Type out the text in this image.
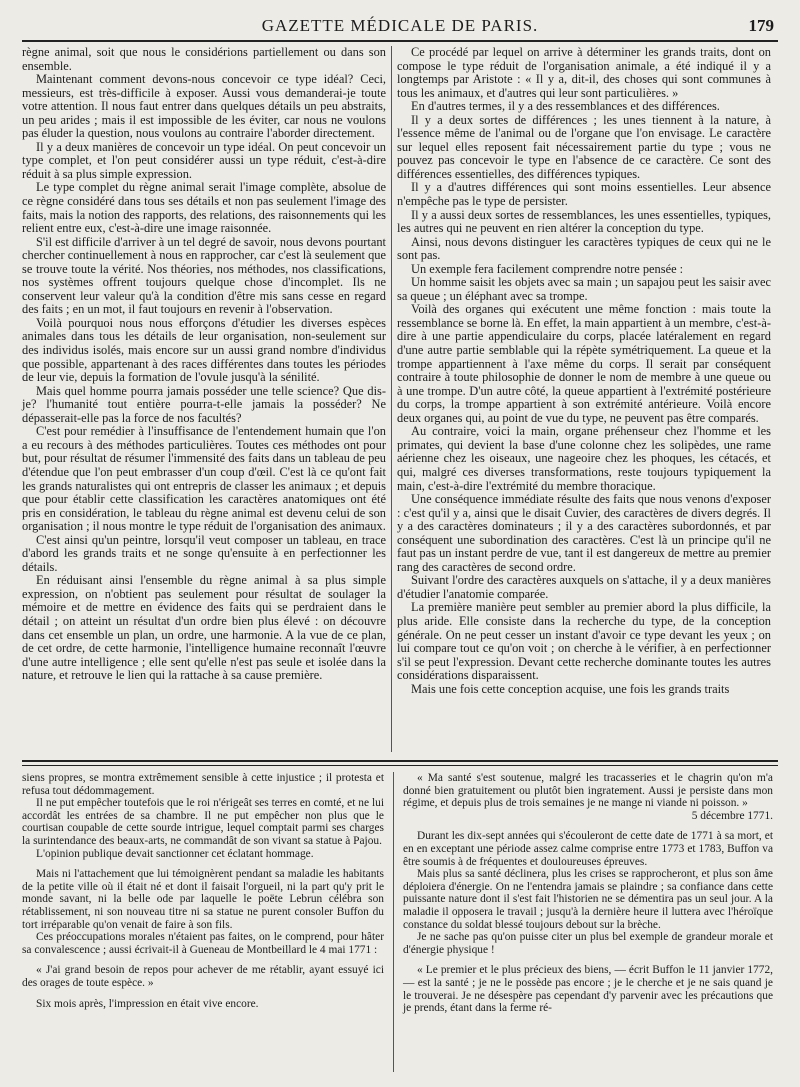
GAZETTE MÉDICALE DE PARIS.	179

règne animal, soit que nous le considérions partiellement ou dans son ensemble.

Maintenant comment devons-nous concevoir ce type idéal? Ceci, messieurs, est très-difficile à exposer. Aussi vous demanderai-je toute votre attention. Il nous faut entrer dans quelques détails un peu abstraits, un peu arides ; mais il est impossible de les éviter, car nous ne voulons pas éluder la question, nous voulons au contraire l'aborder directement.

Il y a deux manières de concevoir un type idéal. On peut concevoir un type complet, et l'on peut considérer aussi un type réduit, c'est-à-dire réduit à sa plus simple expression.

Le type complet du règne animal serait l'image complète, absolue de ce règne considéré dans tous ses détails et non pas seulement l'image des faits, mais la notion des rapports, des relations, des raisonnements qui les relient entre eux, c'est-à-dire une image raisonnée.

S'il est difficile d'arriver à un tel degré de savoir, nous devons pourtant chercher continuellement à nous en rapprocher, car c'est là seulement que se trouve toute la vérité. Nos théories, nos méthodes, nos classifications, nos systèmes offrent toujours quelque chose d'incomplet. Ils ne conservent leur valeur qu'à la condition d'être mis sans cesse en regard des faits ; en un mot, il faut toujours en revenir à l'observation.

Voilà pourquoi nous nous efforçons d'étudier les diverses espèces animales dans tous les détails de leur organisation, non-seulement sur des individus isolés, mais encore sur un aussi grand nombre d'individus que possible, appartenant à des races différentes dans toutes les périodes de leur vie, depuis la formation de l'ovule jusqu'à la sénilité.

Mais quel homme pourra jamais posséder une telle science? Que dis-je? l'humanité tout entière pourra-t-elle jamais la posséder? Ne dépasserait-elle pas la force de nos facultés?

C'est pour remédier à l'insuffisance de l'entendement humain que l'on a eu recours à des méthodes particulières. Toutes ces méthodes ont pour but, pour résultat de résumer l'immensité des faits dans un tableau de peu d'étendue que l'on peut embrasser d'un coup d'œil. C'est là ce qu'ont fait les grands naturalistes qui ont entrepris de classer les animaux ; et depuis que pour établir cette classification les caractères anatomiques ont été pris en considération, le tableau du règne animal est devenu celui de son organisation ; il nous montre le type réduit de l'organisation des animaux.

C'est ainsi qu'un peintre, lorsqu'il veut composer un tableau, en trace d'abord les grands traits et ne songe qu'ensuite à en perfectionner les détails.

En réduisant ainsi l'ensemble du règne animal à sa plus simple expression, on n'obtient pas seulement pour résultat de soulager la mémoire et de mettre en évidence des faits qui se perdraient dans le détail ; on atteint un résultat d'un ordre bien plus élevé : on découvre dans cet ensemble un plan, un ordre, une harmonie. A la vue de ce plan, de cet ordre, de cette harmonie, l'intelligence humaine reconnaît l'œuvre d'une autre intelligence ; elle sent qu'elle n'est pas seule et isolée dans la nature, et retrouve le lien qui la rattache à sa cause première.

Ce procédé par lequel on arrive à déterminer les grands traits, dont on compose le type réduit de l'organisation animale, a été indiqué il y a longtemps par Aristote : « Il y a, dit-il, des choses qui sont communes à tous les animaux, et d'autres qui leur sont particulières. »

En d'autres termes, il y a des ressemblances et des différences.

Il y a deux sortes de différences ; les unes tiennent à la nature, à l'essence même de l'animal ou de l'organe que l'on envisage. Le caractère sur lequel elles reposent fait nécessairement partie du type ; vous ne pouvez pas concevoir le type en l'absence de ce caractère. Ce sont des différences essentielles, des différences typiques.

Il y a d'autres différences qui sont moins essentielles. Leur absence n'empêche pas le type de persister.

Il y a aussi deux sortes de ressemblances, les unes essentielles, typiques, les autres qui ne peuvent en rien altérer la conception du type.

Ainsi, nous devons distinguer les caractères typiques de ceux qui ne le sont pas.

Un exemple fera facilement comprendre notre pensée :

Un homme saisit les objets avec sa main ; un sapajou peut les saisir avec sa queue ; un éléphant avec sa trompe.

Voilà des organes qui exécutent une même fonction : mais toute la ressemblance se borne là. En effet, la main appartient à un membre, c'est-à-dire à une partie appendiculaire du corps, placée latéralement en regard d'une autre partie semblable qui la répète symétriquement. La queue et la trompe appartiennent à l'axe même du corps. Il serait par conséquent contraire à toute philosophie de donner le nom de membre à une queue ou à une trompe. D'un autre côté, la queue appartient à l'extrémité postérieure du corps, la trompe appartient à son extrémité antérieure. Voilà encore deux organes qui, au point de vue du type, ne peuvent pas être comparés.

Au contraire, voici la main, organe préhenseur chez l'homme et les primates, qui devient la base d'une colonne chez les solipèdes, une rame aérienne chez les oiseaux, une nageoire chez les phoques, les cétacés, et qui, malgré ces diverses transformations, reste toujours typiquement la main, c'est-à-dire l'extrémité du membre thoracique.

Une conséquence immédiate résulte des faits que nous venons d'exposer : c'est qu'il y a, ainsi que le disait Cuvier, des caractères de divers degrés. Il y a des caractères dominateurs ; il y a des caractères subordonnés, et par conséquent une subordination des caractères. C'est là un principe qu'il ne faut pas un instant perdre de vue, tant il est dangereux de mettre au premier rang des caractères de second ordre.

Suivant l'ordre des caractères auxquels on s'attache, il y a deux manières d'étudier l'anatomie comparée.

La première manière peut sembler au premier abord la plus difficile, la plus aride. Elle consiste dans la recherche du type, de la conception générale. On ne peut cesser un instant d'avoir ce type devant les yeux ; on lui compare tout ce qu'on voit ; on cherche à le vérifier, à en perfectionner s'il se peut l'expression. Devant cette recherche dominante toutes les autres considérations disparaissent.

Mais une fois cette conception acquise, une fois les grands traits

siens propres, se montra extrêmement sensible à cette injustice ; il protesta et refusa tout dédommagement.

Il ne put empêcher toutefois que le roi n'érigeât ses terres en comté, et ne lui accordât les entrées de sa chambre. Il ne put empêcher non plus que le courtisan coupable de cette sourde intrigue, lequel comptait parmi ses charges la surintendance des beaux-arts, ne commandât de son vivant sa statue à Pajou.

L'opinion publique devait sanctionner cet éclatant hommage.

Mais ni l'attachement que lui témoignèrent pendant sa maladie les habitants de la petite ville où il était né et dont il faisait l'orgueil, ni la part qu'y prit le monde savant, ni la belle ode par laquelle le poëte Lebrun célébra son rétablissement, ni son nouveau titre ni sa statue ne purent consoler Buffon du tort irréparable qu'on venait de faire à son fils.

Ces préoccupations morales n'étaient pas faites, on le comprend, pour hâter sa convalescence ; aussi écrivait-il à Gueneau de Montbeillard le 4 mai 1771 :

« J'ai grand besoin de repos pour achever de me rétablir, ayant essuyé ici des orages de toute espèce. »

Six mois après, l'impression en était vive encore.

« Ma santé s'est soutenue, malgré les tracasseries et le chagrin qu'on m'a donné bien gratuitement ou plutôt bien ingratement. Aussi je persiste dans mon régime, et depuis plus de trois semaines je ne mange ni viande ni poisson. »

5 décembre 1771.

Durant les dix-sept années qui s'écouleront de cette date de 1771 à sa mort, et en en exceptant une période assez calme comprise entre 1773 et 1783, Buffon va être soumis à de fréquentes et douloureuses épreuves.

Mais plus sa santé déclinera, plus les crises se rapprocheront, et plus son âme déploiera d'énergie. On ne l'entendra jamais se plaindre ; sa confiance dans cette puissante nature dont il s'est fait l'historien ne se démentira pas un seul jour. A la maladie il opposera le travail ; jusqu'à la dernière heure il luttera avec l'héroïque constance du soldat blessé toujours debout sur la brèche.

Je ne sache pas qu'on puisse citer un plus bel exemple de grandeur morale et d'énergie physique !

« Le premier et le plus précieux des biens, — écrit Buffon le 11 janvier 1772, — est la santé ; je ne le possède pas encore ; je le cherche et je ne sais quand je le trouverai. Je ne désespère pas cependant d'y parvenir avec les précautions que je prends, étant dans la ferme ré-
